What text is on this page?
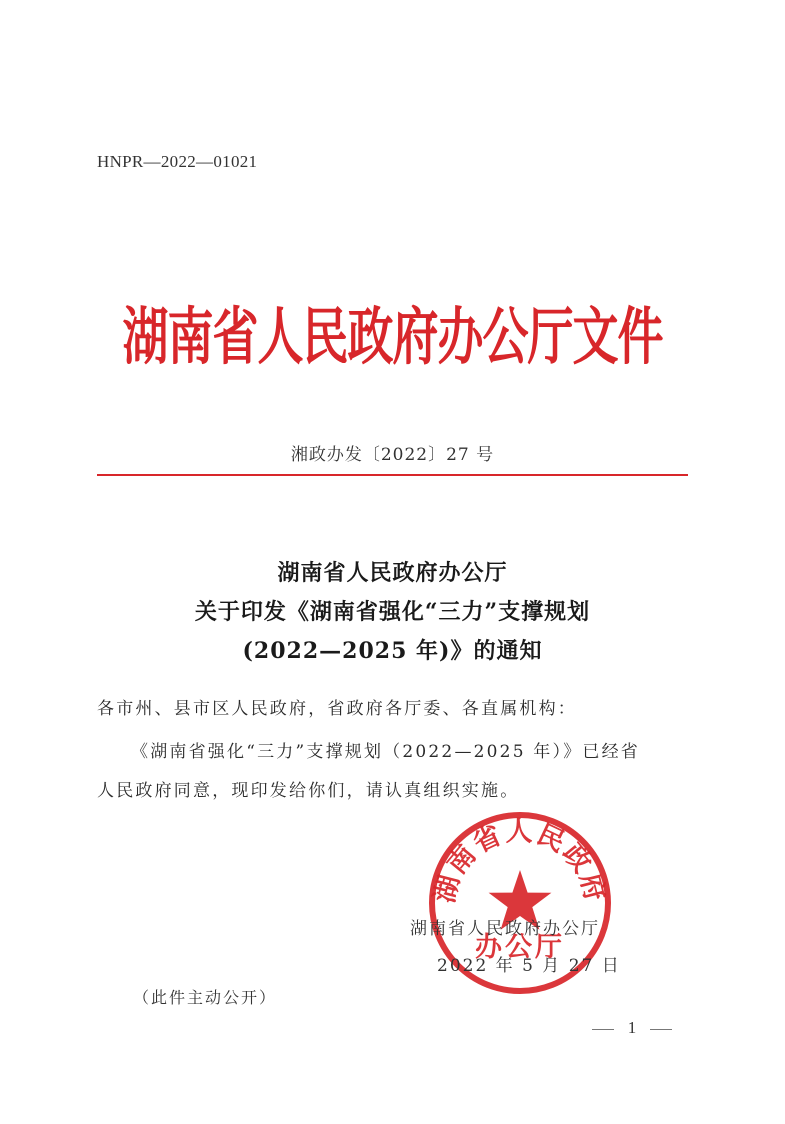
HNPR—2022—01021
湖南省人民政府办公厅文件
湘政办发〔2022〕27 号
湖南省人民政府办公厅
关于印发《湖南省强化“三力”支撑规划
(2022—2025 年)》的通知
各市州、县市区人民政府，省政府各厅委、各直属机构：
《湖南省强化“三力”支撑规划（2022—2025 年）》已经省
人民政府同意，现印发给你们，请认真组织实施。
湖南省人民政府
办公厅
湖南省人民政府办公厅
2022 年 5 月 27 日
（此件主动公开）
1
